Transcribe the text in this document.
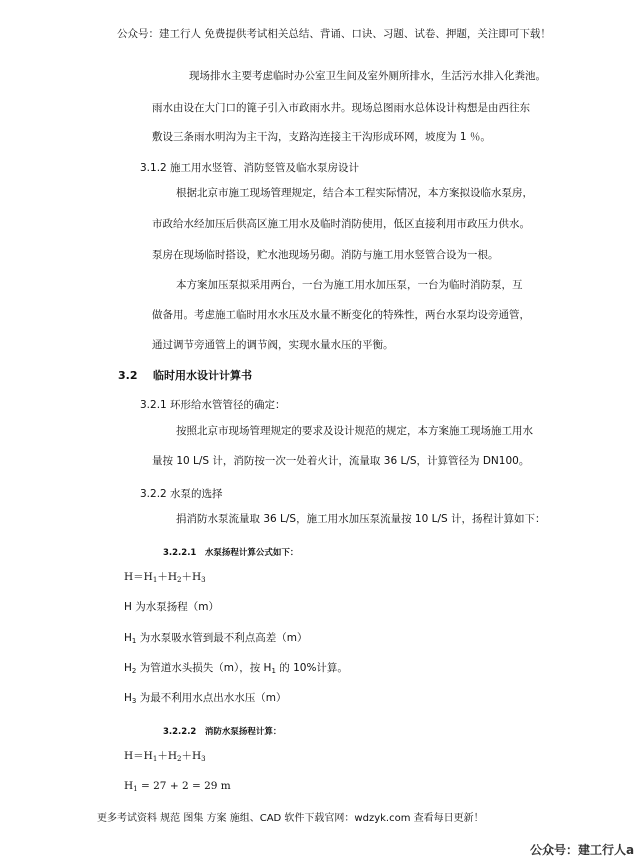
公众号：建工行人 免费提供考试相关总结、背诵、口诀、习题、试卷、押题，关注即可下载！
现场排水主要考虑临时办公室卫生间及室外厕所排水，生活污水排入化粪池。
雨水由设在大门口的篦子引入市政雨水井。现场总图雨水总体设计构想是由西往东
敷设三条雨水明沟为主干沟，支路沟连接主干沟形成环网，坡度为 1 ％。
3.1.2 施工用水竖管、消防竖管及临水泵房设计
根据北京市施工现场管理规定，结合本工程实际情况，本方案拟设临水泵房，
市政给水经加压后供高区施工用水及临时消防使用，低区直接利用市政压力供水。
泵房在现场临时搭设，贮水池现场另砌。消防与施工用水竖管合设为一根。
本方案加压泵拟采用两台，一台为施工用水加压泵，一台为临时消防泵，互
做备用。考虑施工临时用水水压及水量不断变化的特殊性，两台水泵均设旁通管，
通过调节旁通管上的调节阀，实现水量水压的平衡。
3.2 临时用水设计计算书
3.2.1 环形给水管管径的确定：
按照北京市现场管理规定的要求及设计规范的规定，本方案施工现场施工用水
量按 10 L/S 计，消防按一次一处着火计，流量取 36 L/S，计算管径为 DN100。
3.2.2 水泵的选择
捐消防水泵流量取 36 L/S，施工用水加压泵流量按 10 L/S 计，扬程计算如下：
3.2.2.1　水泵扬程计算公式如下：
$H=H_1+H_2+H_3$
H 为水泵扬程（m）
$H_1$ 为水泵吸水管到最不利点高差（m）
$H_2$ 为管道水头损失（m），按 $H_1$ 的 10%计算。
$H_3$ 为最不利用水点出水水压（m）
3.2.2.2　消防水泵扬程计算：
$H=H_1+H_2+H_3$
$H_1 = 27 + 2 = 29$ m
更多考试资料 规范 图集 方案 施组、CAD 软件下载官网：wdzyk.com 查看每日更新！
公众号：建工行人a
